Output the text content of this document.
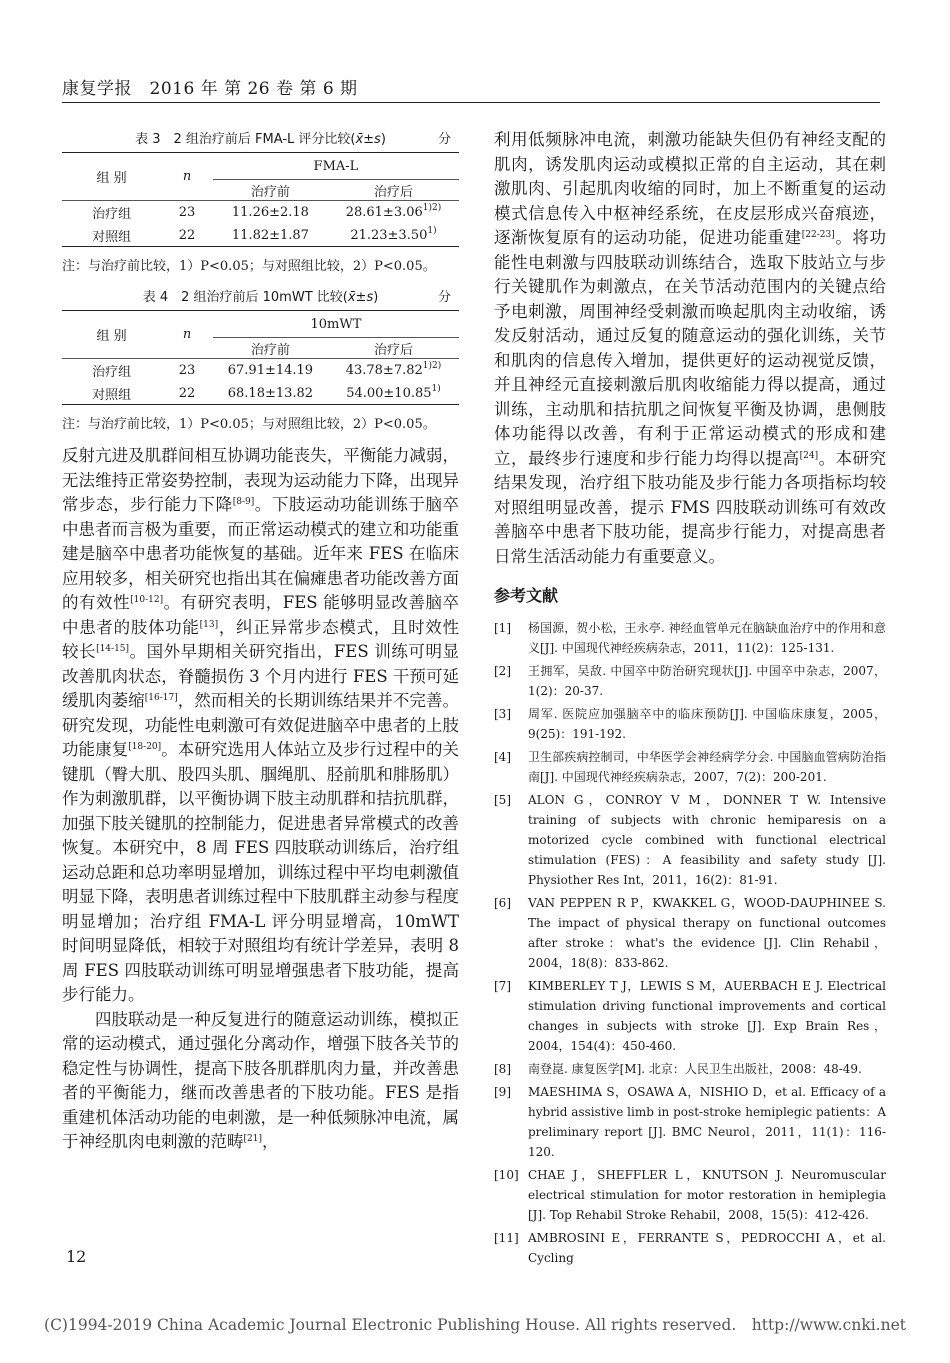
康复学报　2016 年 第 26 卷 第 6 期
表 3　2 组治疗前后 FMA-L 评分比较(x̄±s)	分
组 别	n	FMA-L	
		治疗前	治疗后
治疗组	23	11.26±2.18	$28.61\pm 3.06^{1)2)}$
对照组	22	11.82±1.87	$21.23\pm 3.50^{1)}$
注：与治疗前比较，1）P<0.05；与对照组比较，2）P<0.05。
表 4　2 组治疗前后 10mWT 比较(x̄±s)	分
组 别	n	10mWT	
		治疗前	治疗后
治疗组	23	67.91±14.19	$43.78\pm 7.82^{1)2)}$
对照组	22	68.18±13.82	$54.00\pm 10.85^{1)}$
注：与治疗前比较，1）P<0.05；与对照组比较，2）P<0.05。

反射亢进及肌群间相互协调功能丧失，平衡能力减弱，无法维持正常姿势控制，表现为运动能力下降，出现异常步态，步行能力下降[8-9]。下肢运动功能训练于脑卒中患者而言极为重要，而正常运动模式的建立和功能重建是脑卒中患者功能恢复的基础。近年来 FES 在临床应用较多，相关研究也指出其在偏瘫患者功能改善方面的有效性[10-12]。有研究表明，FES 能够明显改善脑卒中患者的肢体功能[13]，纠正异常步态模式，且时效性较长[14-15]。国外早期相关研究指出，FES 训练可明显改善肌肉状态，脊髓损伤 3 个月内进行 FES 干预可延缓肌肉萎缩[16-17]，然而相关的长期训练结果并不完善。研究发现，功能性电刺激可有效促进脑卒中患者的上肢功能康复[18-20]。本研究选用人体站立及步行过程中的关键肌（臀大肌、股四头肌、腘绳肌、胫前肌和腓肠肌）作为刺激肌群，以平衡协调下肢主动肌群和拮抗肌群，加强下肢关键肌的控制能力，促进患者异常模式的改善恢复。本研究中，8 周 FES 四肢联动训练后，治疗组运动总距和总功率明显增加，训练过程中平均电刺激值明显下降，表明患者训练过程中下肢肌群主动参与程度明显增加；治疗组 FMA-L 评分明显增高，10mWT 时间明显降低，相较于对照组均有统计学差异，表明 8 周 FES 四肢联动训练可明显增强患者下肢功能，提高步行能力。

四肢联动是一种反复进行的随意运动训练，模拟正常的运动模式，通过强化分离动作，增强下肢各关节的稳定性与协调性，提高下肢各肌群肌肉力量，并改善患者的平衡能力，继而改善患者的下肢功能。FES 是指重建机体活动功能的电刺激，是一种低频脉冲电流，属于神经肌肉电刺激的范畴[21]，

利用低频脉冲电流，刺激功能缺失但仍有神经支配的肌肉，诱发肌肉运动或模拟正常的自主运动，其在刺激肌肉、引起肌肉收缩的同时，加上不断重复的运动模式信息传入中枢神经系统，在皮层形成兴奋痕迹，逐渐恢复原有的运动功能，促进功能重建[22-23]。将功能性电刺激与四肢联动训练结合，选取下肢站立与步行关键肌作为刺激点，在关节活动范围内的关键点给予电刺激，周围神经受刺激而唤起肌肉主动收缩，诱发反射活动，通过反复的随意运动的强化训练，关节和肌肉的信息传入增加，提供更好的运动视觉反馈，并且神经元直接刺激后肌肉收缩能力得以提高，通过训练，主动肌和拮抗肌之间恢复平衡及协调，患侧肢体功能得以改善，有利于正常运动模式的形成和建立，最终步行速度和步行能力均得以提高[24]。本研究结果发现，治疗组下肢功能及步行能力各项指标均较对照组明显改善，提示 FMS 四肢联动训练可有效改善脑卒中患者下肢功能，提高步行能力，对提高患者日常生活活动能力有重要意义。

参考文献
[1]	杨国源，贺小松，王永亭. 神经血管单元在脑缺血治疗中的作用和意义[J]. 中国现代神经疾病杂志，2011，11(2)：125-131.
[2]	王拥军，吴敌. 中国卒中防治研究现状[J]. 中国卒中杂志，2007，1(2)：20-37.
[3]	周军. 医院应加强脑卒中的临床预防[J]. 中国临床康复，2005，9(25)：191-192.
[4]	卫生部疾病控制司，中华医学会神经病学分会. 中国脑血管病防治指南[J]. 中国现代神经疾病杂志，2007，7(2)：200-201.
[5]	ALON G，CONROY V M，DONNER T W. Intensive training of subjects with chronic hemiparesis on a motorized cycle combined with functional electrical stimulation (FES)：A feasibility and safety study [J]. Physiother Res Int，2011，16(2)：81-91.
[6]	VAN PEPPEN R P，KWAKKEL G，WOOD-DAUPHINEE S. The impact of physical therapy on functional outcomes after stroke：what's the evidence [J]. Clin Rehabil，2004，18(8)：833-862.
[7]	KIMBERLEY T J，LEWIS S M，AUERBACH E J. Electrical stimulation driving functional improvements and cortical changes in subjects with stroke [J]. Exp Brain Res，2004，154(4)：450-460.
[8]	南登崑. 康复医学[M]. 北京：人民卫生出版社，2008：48-49.
[9]	MAESHIMA S，OSAWA A，NISHIO D，et al. Efficacy of a hybrid assistive limb in post-stroke hemiplegic patients：A preliminary report [J]. BMC Neurol，2011，11(1)：116-120.
[10] CHAE J，SHEFFLER L，KNUTSON J. Neuromuscular electrical stimulation for motor restoration in hemiplegia [J]. Top Rehabil Stroke Rehabil，2008，15(5)：412-426.
[11] AMBROSINI E，FERRANTE S，PEDROCCHI A，et al. Cycling
12
(C)1994-2019 China Academic Journal Electronic Publishing House. All rights reserved.　http://www.cnki.net
